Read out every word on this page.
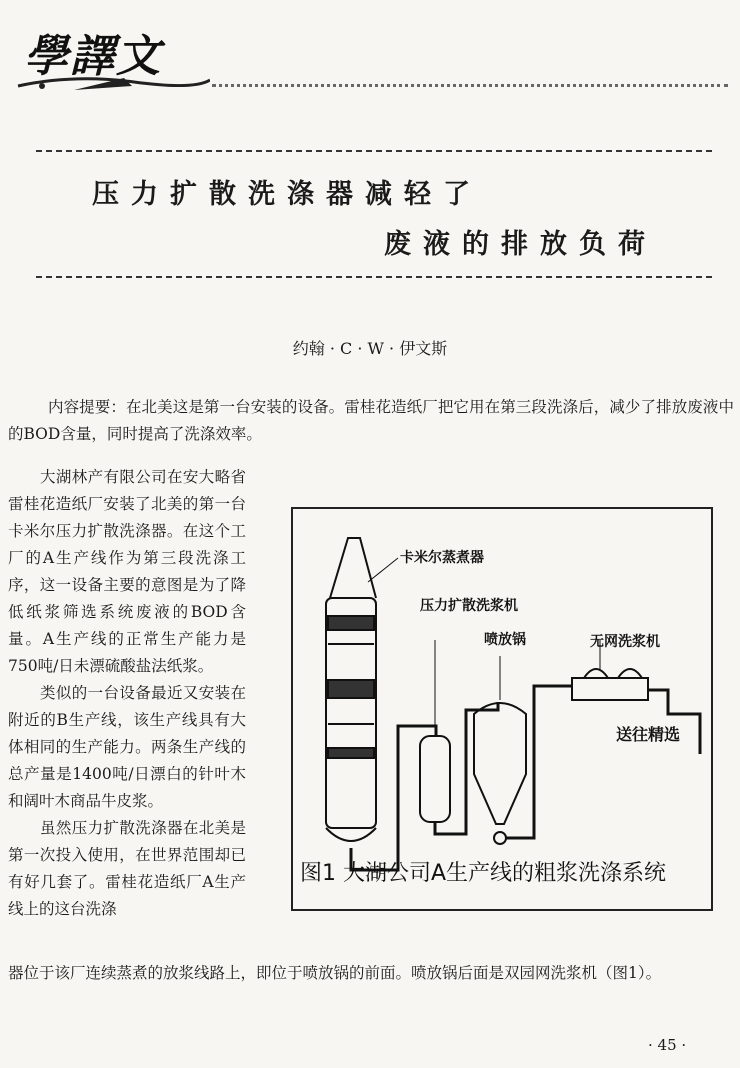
學譯文
压力扩散洗涤器减轻了
废液的排放负荷
约翰 · C · W · 伊文斯
内容提要：在北美这是第一台安装的设备。雷桂花造纸厂把它用在第三段洗涤后，减少了排放废液中的BOD含量，同时提高了洗涤效率。

大湖林产有限公司在安大略省雷桂花造纸厂安装了北美的第一台卡米尔压力扩散洗涤器。在这个工厂的A生产线作为第三段洗涤工序，这一设备主要的意图是为了降低纸浆筛选系统废液的BOD含量。A生产线的正常生产能力是750吨/日未漂硫酸盐法纸浆。

类似的一台设备最近又安装在附近的B生产线，该生产线具有大体相同的生产能力。两条生产线的总产量是1400吨/日漂白的针叶木和阔叶木商品牛皮浆。

虽然压力扩散洗涤器在北美是第一次投入使用，在世界范围却已有好几套了。雷桂花造纸厂A生产线上的这台洗涤

卡米尔蒸煮器
压力扩散洗浆机
喷放锅	无网洗浆机
送往精选
图1 大湖公司A生产线的粗浆洗涤系统
器位于该厂连续蒸煮的放浆线路上，即位于喷放锅的前面。喷放锅后面是双园网洗浆机（图1）。
· 45 ·
